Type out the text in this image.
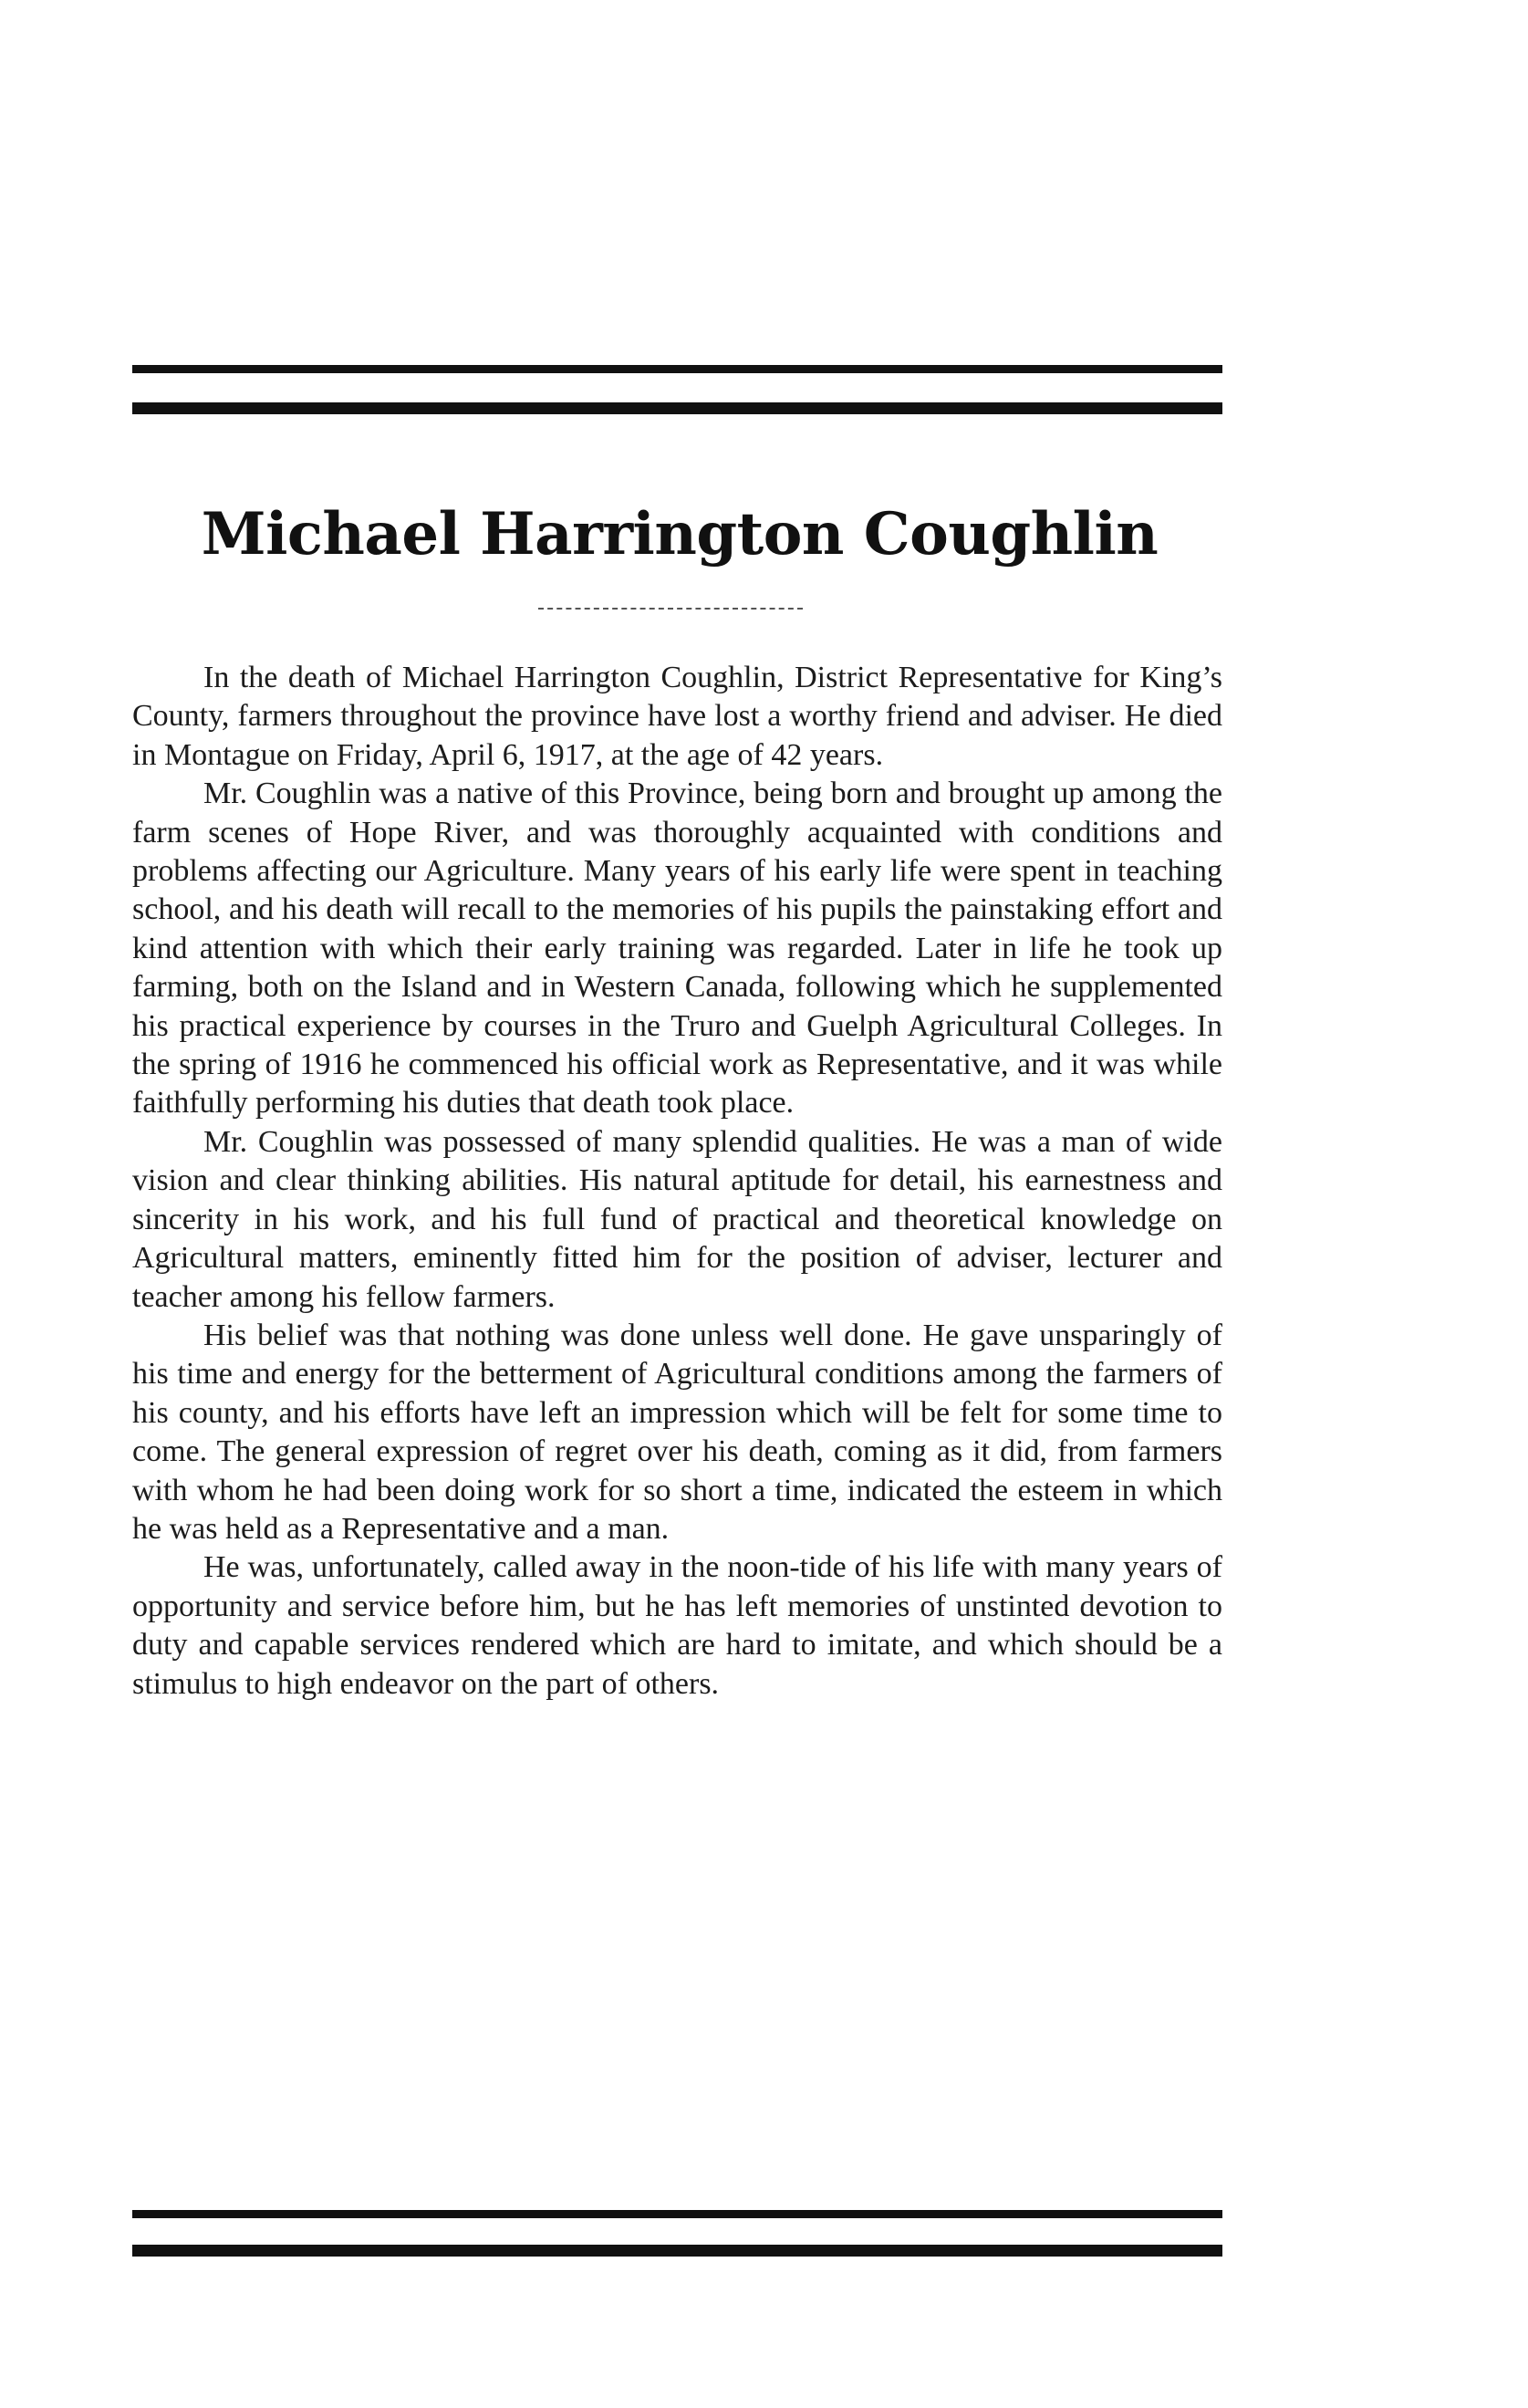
Michael Harrington Coughlin

In the death of Michael Harrington Coughlin, District Representative for King’s County, farmers throughout the province have lost a worthy friend and adviser. He died in Montague on Friday, April 6, 1917, at the age of 42 years.

Mr. Coughlin was a native of this Province, being born and brought up among the farm scenes of Hope River, and was thoroughly acquainted with conditions and problems affecting our Agriculture. Many years of his early life were spent in teaching school, and his death will recall to the memories of his pupils the painstaking effort and kind attention with which their early training was regarded. Later in life he took up farming, both on the Island and in Western Canada, following which he supplemented his practical experience by courses in the Truro and Guelph Agricultural Colleges. In the spring of 1916 he commenced his official work as Representative, and it was while faithfully performing his duties that death took place.

Mr. Coughlin was possessed of many splendid qualities. He was a man of wide vision and clear thinking abilities. His natural aptitude for detail, his earnestness and sincerity in his work, and his full fund of practical and theoretical knowledge on Agricultural matters, eminently fitted him for the position of adviser, lecturer and teacher among his fellow farmers.

His belief was that nothing was done unless well done. He gave unsparingly of his time and energy for the betterment of Agricultural conditions among the farmers of his county, and his efforts have left an impression which will be felt for some time to come. The general expression of regret over his death, coming as it did, from farmers with whom he had been doing work for so short a time, indicated the esteem in which he was held as a Representative and a man.

He was, unfortunately, called away in the noon-tide of his life with many years of opportunity and service before him, but he has left memories of unstinted devotion to duty and capable services rendered which are hard to imitate, and which should be a stimulus to high endeavor on the part of others.
